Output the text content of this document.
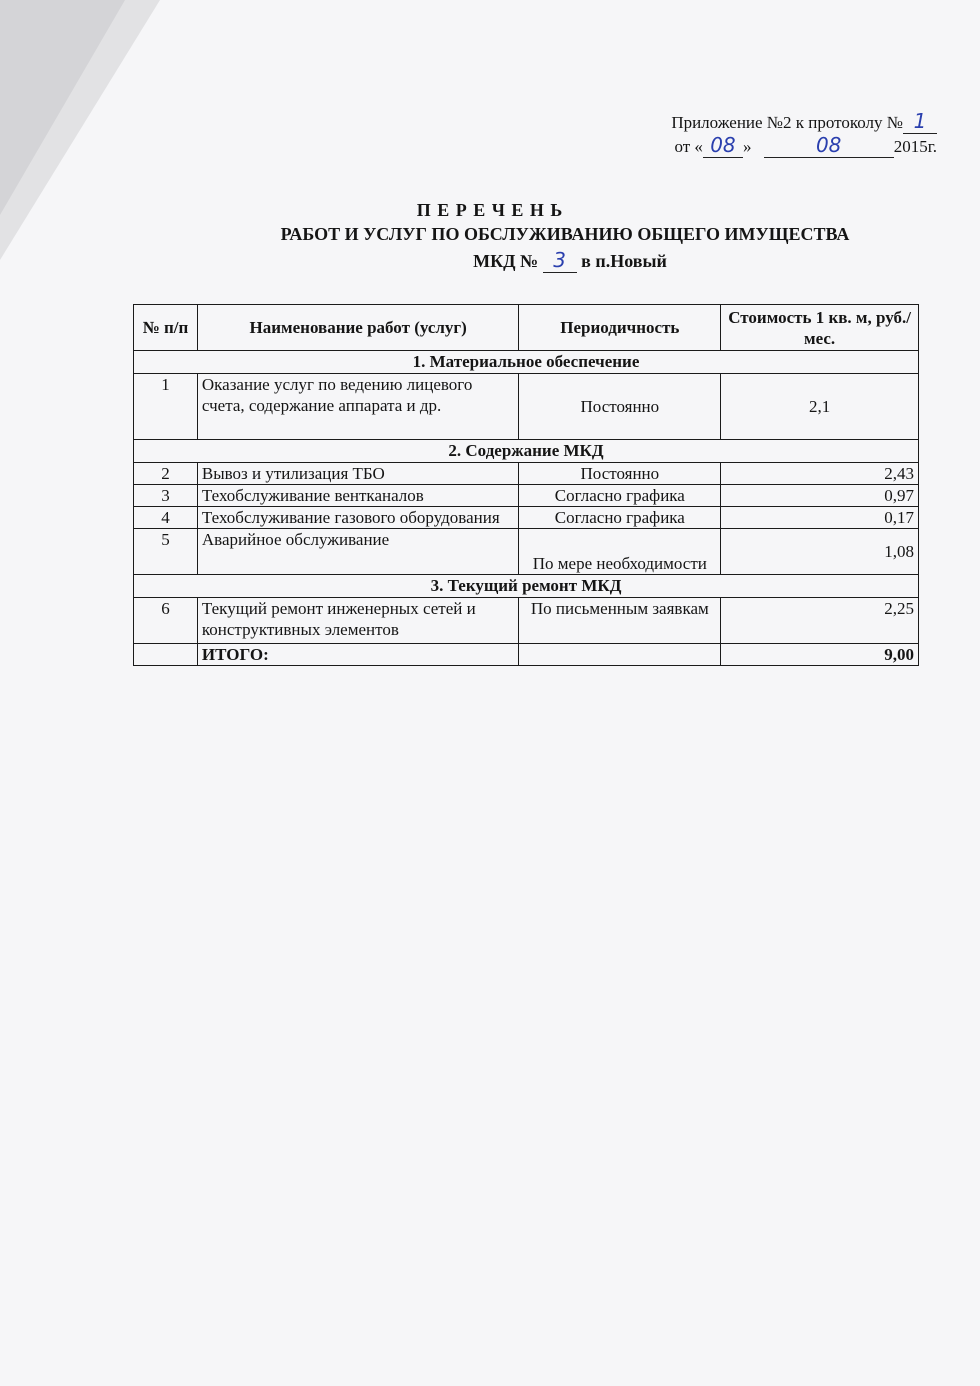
Приложение №2 к протоколу № 1
от « 08 »	08	2015г.
П Е Р Е Ч Е Н Ь
РАБОТ И УСЛУГ ПО ОБСЛУЖИВАНИЮ ОБЩЕГО ИМУЩЕСТВА
МКД № 3 в п.Новый
№ п/п	Наименование работ (услуг)	Периодичность	Стоимость 1 кв. м, руб./мес.
1. Материальное обеспечение			
1	Оказание услуг по ведению лицевого счета, содержание аппарата и др.	Постоянно	2,1
2. Содержание МКД			
2	Вывоз и утилизация ТБО	Постоянно	2,43
3	Техобслуживание вентканалов	Согласно графика	0,97
4	Техобслуживание газового оборудования	Согласно графика	0,17
5	Аварийное обслуживание	По мере необходимости	1,08
3. Текущий ремонт МКД			
6	Текущий ремонт инженерных сетей и конструктивных элементов	По письменным заявкам	2,25
	ИТОГО:		9,00
